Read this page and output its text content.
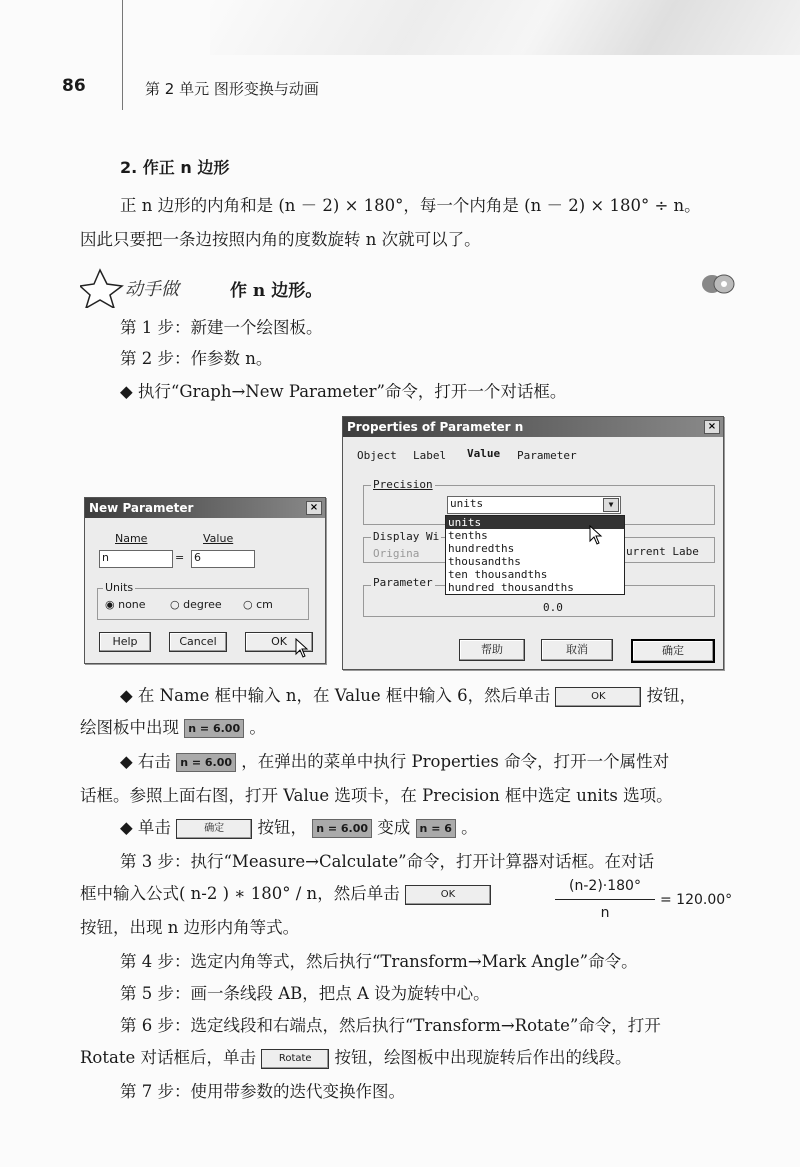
86	第 2 单元 图形变换与动画
2. 作正 n 边形
正 n 边形的内角和是 (n － 2) × 180°，每一个内角是 (n － 2) × 180° ÷ n。
因此只要把一条边按照内角的度数旋转 n 次就可以了。
动手做	作 n 边形。
第 1 步：新建一个绘图板。
第 2 步：作参数 n。
◆ 执行“Graph→New Parameter”命令，打开一个对话框。
New Parameter	×
Name	Value
n	= 6
Units
◉ none ○ degree ○ cm
Help	Cancel	OK
Properties of Parameter n	×
Object Label Value Parameter
Precision
units	▼
Display Wi
Origina	urrent Labe
Parameter
0.0
units
tenths
hundredths
thousandths
ten thousandths
hundred thousandths
帮助	取消	确定
◆ 在 Name 框中输入 n，在 Value 框中输入 6，然后单击	OK 按钮，
绘图板中出现 n = 6.00 。
◆ 右击 n = 6.00 ，在弹出的菜单中执行 Properties 命令，打开一个属性对
话框。参照上面右图，打开 Value 选项卡，在 Precision 框中选定 units 选项。
◆ 单击	确定 按钮， n = 6.00 变成 n = 6 。
第 3 步：执行“Measure→Calculate”命令，打开计算器对话框。在对话
框中输入公式( n-2 ) ∗ 180° / n，然后单击	OK
按钮，出现 n 边形内角等式。
(n-2)·180°
n
= 120.00°
第 4 步：选定内角等式，然后执行“Transform→Mark Angle”命令。
第 5 步：画一条线段 AB，把点 A 设为旋转中心。
第 6 步：选定线段和右端点，然后执行“Transform→Rotate”命令，打开
Rotate 对话框后，单击 Rotate 按钮，绘图板中出现旋转后作出的线段。
第 7 步：使用带参数的迭代变换作图。
